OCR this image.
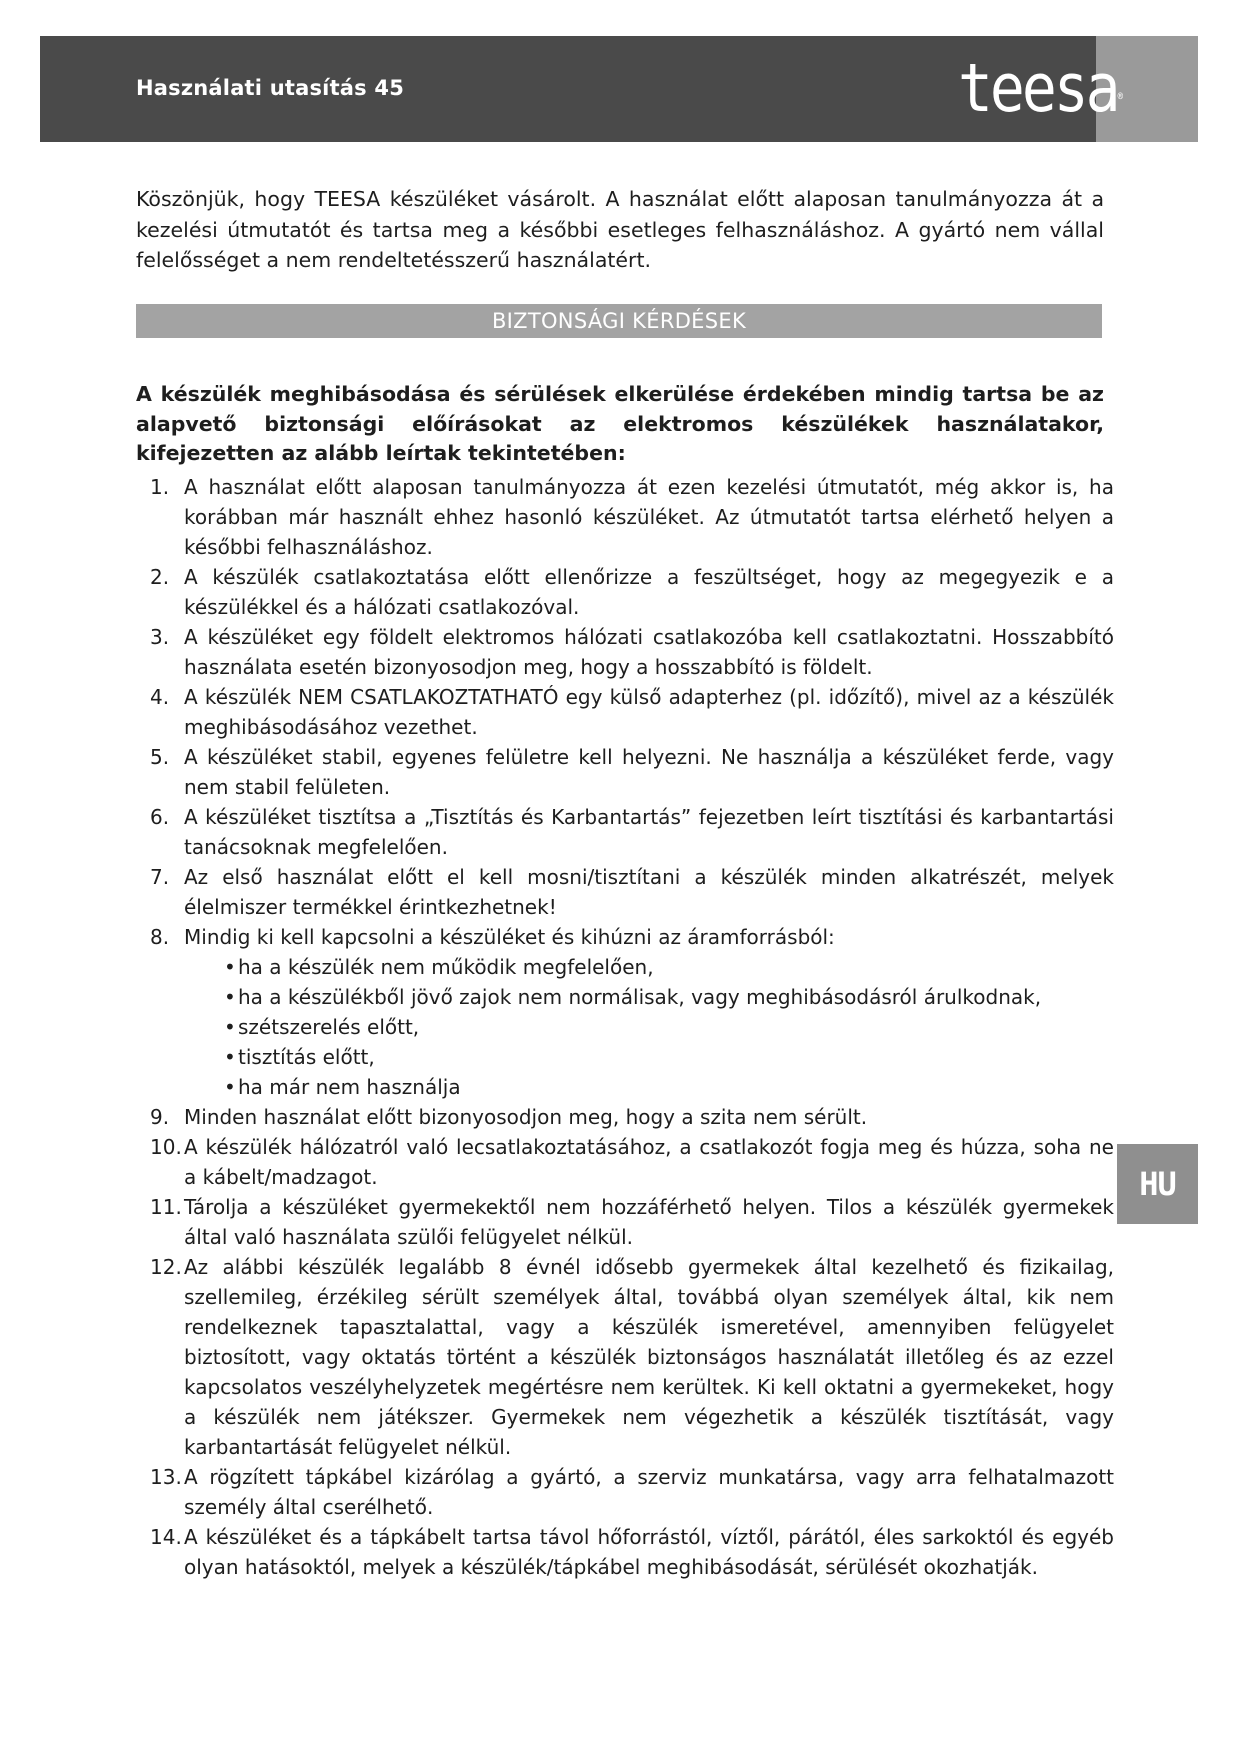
Használati utasítás 45	teesa®

Köszönjük, hogy TEESA készüléket vásárolt. A használat előtt alaposan tanulmányozza át a kezelési útmutatót és tartsa meg a későbbi esetleges felhasználáshoz. A gyártó nem vállal felelősséget a nem rendeltetésszerű használatért.

BIZTONSÁGI KÉRDÉSEK

A készülék meghibásodása és sérülések elkerülése érdekében mindig tartsa be az alapvető biztonsági előírásokat az elektromos készülékek használatakor, kifejezetten az alább leírtak tekintetében:

1. A használat előtt alaposan tanulmányozza át ezen kezelési útmutatót, még akkor is, ha korábban már használt ehhez hasonló készüléket. Az útmutatót tartsa elérhető helyen a későbbi felhasználáshoz.
2. A készülék csatlakoztatása előtt ellenőrizze a feszültséget, hogy az megegyezik e a készülékkel és a hálózati csatlakozóval.
3. A készüléket egy földelt elektromos hálózati csatlakozóba kell csatlakoztatni. Hosszabbító használata esetén bizonyosodjon meg, hogy a hosszabbító is földelt.
4. A készülék NEM CSATLAKOZTATHATÓ egy külső adapterhez (pl. időzítő), mivel az a készülék meghibásodásához vezethet.
5. A készüléket stabil, egyenes felületre kell helyezni. Ne használja a készüléket ferde, vagy nem stabil felületen.
6. A készüléket tisztítsa a „Tisztítás és Karbantartás” fejezetben leírt tisztítási és karbantartási tanácsoknak megfelelően.
7. Az első használat előtt el kell mosni/tisztítani a készülék minden alkatrészét, melyek élelmiszer termékkel érintkezhetnek!
8. Mindig ki kell kapcsolni a készüléket és kihúzni az áramforrásból:
• ha a készülék nem működik megfelelően,
• ha a készülékből jövő zajok nem normálisak, vagy meghibásodásról árulkodnak,
• szétszerelés előtt,
• tisztítás előtt,
• ha már nem használja
9. Minden használat előtt bizonyosodjon meg, hogy a szita nem sérült.
10. A készülék hálózatról való lecsatlakoztatásához, a csatlakozót fogja meg és húzza, soha ne a kábelt/madzagot.
11. Tárolja a készüléket gyermekektől nem hozzáférhető helyen. Tilos a készülék gyermekek által való használata szülői felügyelet nélkül.
12. Az alábbi készülék legalább 8 évnél idősebb gyermekek által kezelhető és fizikailag, szellemileg, érzékileg sérült személyek által, továbbá olyan személyek által, kik nem rendelkeznek tapasztalattal, vagy a készülék ismeretével, amennyiben felügyelet biztosított, vagy oktatás történt a készülék biztonságos használatát illetőleg és az ezzel kapcsolatos veszélyhelyzetek megértésre nem kerültek. Ki kell oktatni a gyermekeket, hogy a készülék nem játékszer. Gyermekek nem végezhetik a készülék tisztítását, vagy karbantartását felügyelet nélkül.
13. A rögzített tápkábel kizárólag a gyártó, a szerviz munkatársa, vagy arra felhatalmazott személy által cserélhető.
14. A készüléket és a tápkábelt tartsa távol hőforrástól, víztől, párától, éles sarkoktól és egyéb olyan hatásoktól, melyek a készülék/tápkábel meghibásodását, sérülését okozhatják.
HU
